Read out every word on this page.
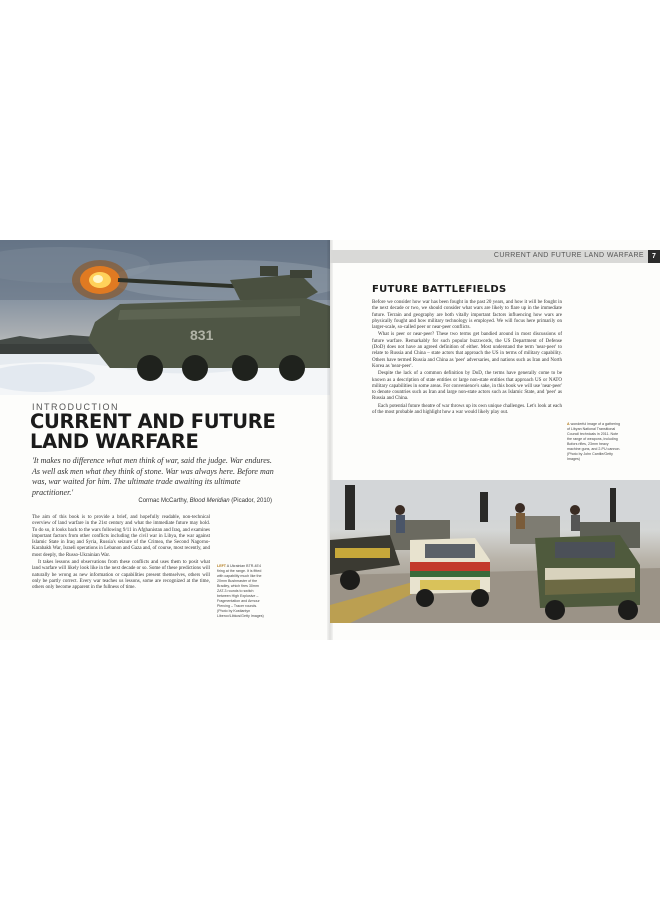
831
INTRODUCTION
CURRENT AND FUTURE
LAND WARFARE
'It makes no difference what men think of war, said the judge. War endures. As well ask men what they think of stone. War was always here. Before man was, war waited for him. The ultimate trade awaiting its ultimate practitioner.'
Cormac McCarthy, Blood Meridian (Picador, 2010)

The aim of this book is to provide a brief, and hopefully readable, non-technical overview of land warfare in the 21st century and what the immediate future may hold. To do so, it looks back to the wars following 9/11 in Afghanistan and Iraq, and examines important factors from other conflicts including the civil war in Libya, the war against Islamic State in Iraq and Syria, Russia's seizure of the Crimea, the Second Nagorno-Karabakh War, Israeli operations in Lebanon and Gaza and, of course, most recently, and most deeply, the Russo-Ukrainian War.

It takes lessons and observations from these conflicts and uses them to posit what land warfare will likely look like in the next decade or so. Some of these predictions will naturally be wrong as new information or capabilities present themselves, others will only be partly correct. Every war teaches us lessons, some are recognized at the time, others only become apparent in the fullness of time.

LEFT A Ukrainian BTR-4E4 firing at the range. It is fitted with capability much like the 20mm Bushmaster of the Bradley, which fires 30mm ZAT-3 rounds to switch between High Explosive – Fragmentation and Armour Piercing – Tracer rounds. (Photo by Kostiantyn Liberov/Libkos/Getty Images)
CURRENT AND FUTURE LAND WARFARE	7
FUTURE BATTLEFIELDS

Before we consider how war has been fought in the past 20 years, and how it will be fought in the next decade or two, we should consider what wars are likely to flare up in the immediate future. Terrain and geography are both vitally important factors influencing how wars are physically fought and how military technology is employed. We will focus here primarily on larger-scale, so-called peer or near-peer conflicts.

What is peer or near-peer? These two terms get bandied around in most discussions of future warfare. Remarkably for such popular buzzwords, the US Department of Defense (DoD) does not have an agreed definition of either. Most understand the term 'near-peer' to relate to Russia and China – state actors that approach the US in terms of military capability. Others have termed Russia and China as 'peer' adversaries, and nations such as Iran and North Korea as 'near-peer'.

Despite the lack of a common definition by DoD, the terms have generally come to be known as a description of state entities or large non-state entities that approach US or NATO military capabilities in some areas. For convenience's sake, in this book we will use 'near-peer' to denote countries such as Iran and large non-state actors such as Islamic State, and 'peer' as Russia and China.

Each potential future theatre of war throws up its own unique challenges. Let's look at each of the most probable and highlight how a war would likely play out.

A wonderful image of a gathering of Libyan National Transitional Council technicals in 2011. Note the range of weapons, including Bofors rifles, 23mm heavy machine guns, and 2-PU cannon. (Photo by John Cantlie/Getty Images)
